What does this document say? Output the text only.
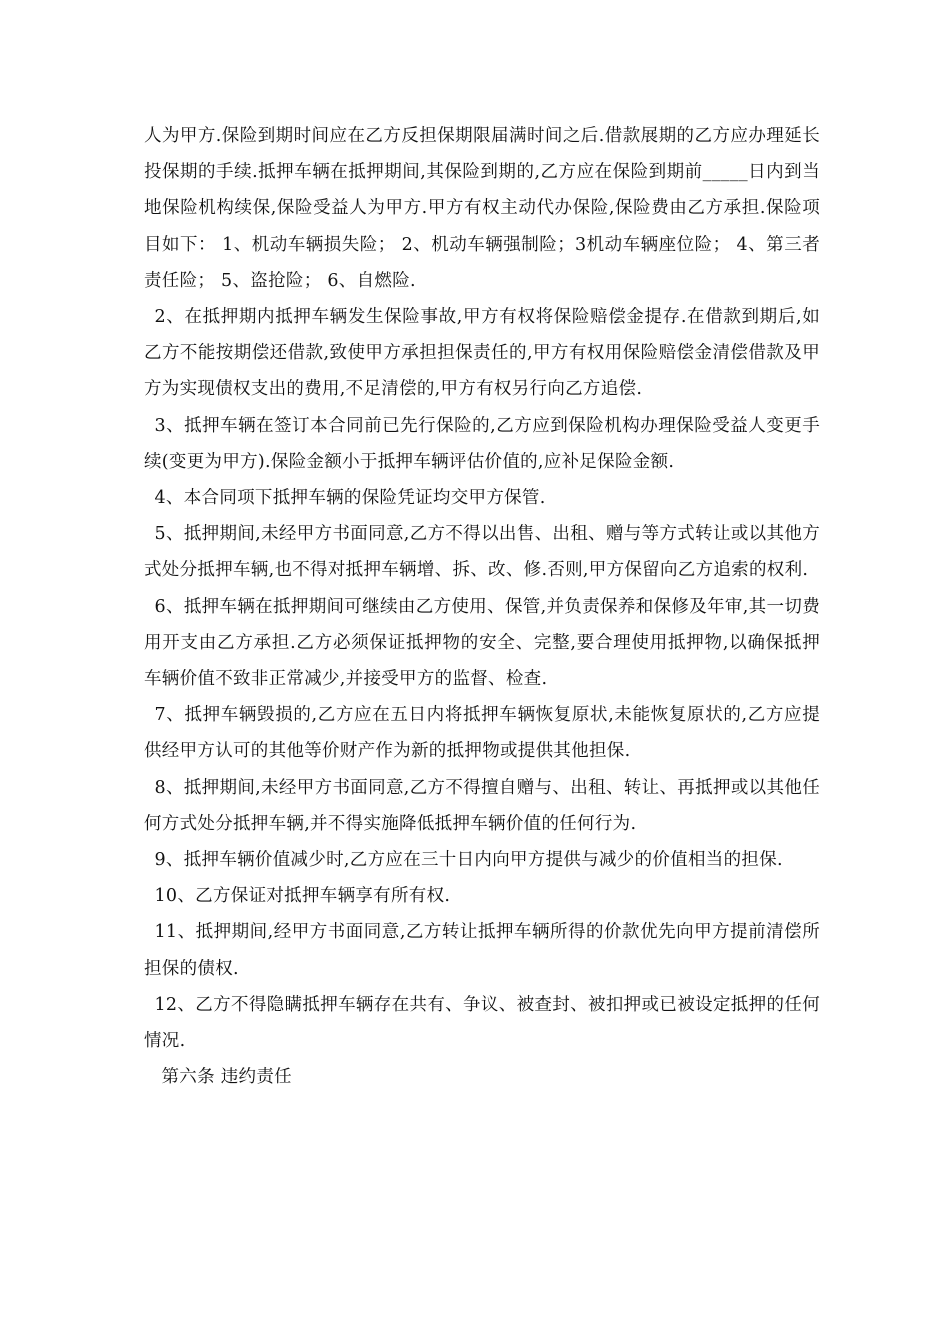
人为甲方.保险到期时间应在乙方反担保期限届满时间之后.借款展期的乙方应办理延长投保期的手续.抵押车辆在抵押期间,其保险到期的,乙方应在保险到期前_____日内到当地保险机构续保,保险受益人为甲方.甲方有权主动代办保险,保险费由乙方承担.保险项目如下： 1、机动车辆损失险； 2、机动车辆强制险；3机动车辆座位险； 4、第三者责任险； 5、盗抢险； 6、自燃险.

2、在抵押期内抵押车辆发生保险事故,甲方有权将保险赔偿金提存.在借款到期后,如乙方不能按期偿还借款,致使甲方承担担保责任的,甲方有权用保险赔偿金清偿借款及甲方为实现债权支出的费用,不足清偿的,甲方有权另行向乙方追偿.

3、抵押车辆在签订本合同前已先行保险的,乙方应到保险机构办理保险受益人变更手续(变更为甲方).保险金额小于抵押车辆评估价值的,应补足保险金额.

4、本合同项下抵押车辆的保险凭证均交甲方保管.

5、抵押期间,未经甲方书面同意,乙方不得以出售、出租、赠与等方式转让或以其他方式处分抵押车辆,也不得对抵押车辆增、拆、改、修.否则,甲方保留向乙方追索的权利.

6、抵押车辆在抵押期间可继续由乙方使用、保管,并负责保养和保修及年审,其一切费用开支由乙方承担.乙方必须保证抵押物的安全、完整,要合理使用抵押物,以确保抵押车辆价值不致非正常减少,并接受甲方的监督、检查.

7、抵押车辆毁损的,乙方应在五日内将抵押车辆恢复原状,未能恢复原状的,乙方应提供经甲方认可的其他等价财产作为新的抵押物或提供其他担保.

8、抵押期间,未经甲方书面同意,乙方不得擅自赠与、出租、转让、再抵押或以其他任何方式处分抵押车辆,并不得实施降低抵押车辆价值的任何行为.

9、抵押车辆价值减少时,乙方应在三十日内向甲方提供与减少的价值相当的担保.

10、乙方保证对抵押车辆享有所有权.

11、抵押期间,经甲方书面同意,乙方转让抵押车辆所得的价款优先向甲方提前清偿所担保的债权.

12、乙方不得隐瞒抵押车辆存在共有、争议、被查封、被扣押或已被设定抵押的任何情况.

第六条 违约责任
